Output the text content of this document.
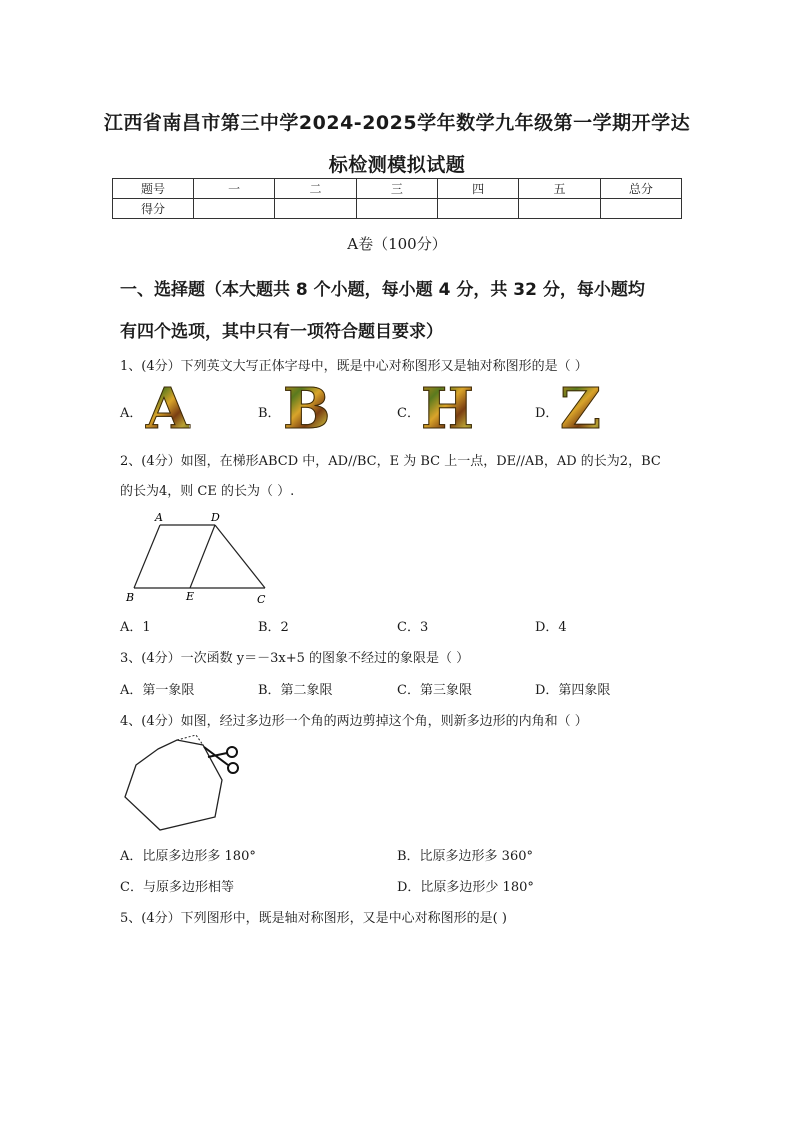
江西省南昌市第三中学2024-2025学年数学九年级第一学期开学达
标检测模拟试题
题号	一	二	三	四	五	总分
得分						
A卷（100分）
一、选择题（本大题共 8 个小题，每小题 4 分，共 32 分，每小题均
有四个选项，其中只有一项符合题目要求）
1、(4分）下列英文大写正体字母中，既是中心对称图形又是轴对称图形的是（ ）
A． A	B． B	C． H	D． Z
2、(4分）如图，在梯形ABCD 中，AD//BC，E 为 BC 上一点，DE//AB，AD 的长为2，BC
的长为4，则 CE 的长为（ ）.
A	D
B	E	C
A．1	B．2	C．3	D．4
3、(4分）一次函数 y＝－3x+5 的图象不经过的象限是（ ）
A．第一象限	B．第二象限	C．第三象限	D．第四象限
4、(4分）如图，经过多边形一个角的两边剪掉这个角，则新多边形的内角和（ ）
A．比原多边形多 180°	B．比原多边形多 360°
C．与原多边形相等	D．比原多边形少 180°
5、(4分）下列图形中，既是轴对称图形，又是中心对称图形的是( )
